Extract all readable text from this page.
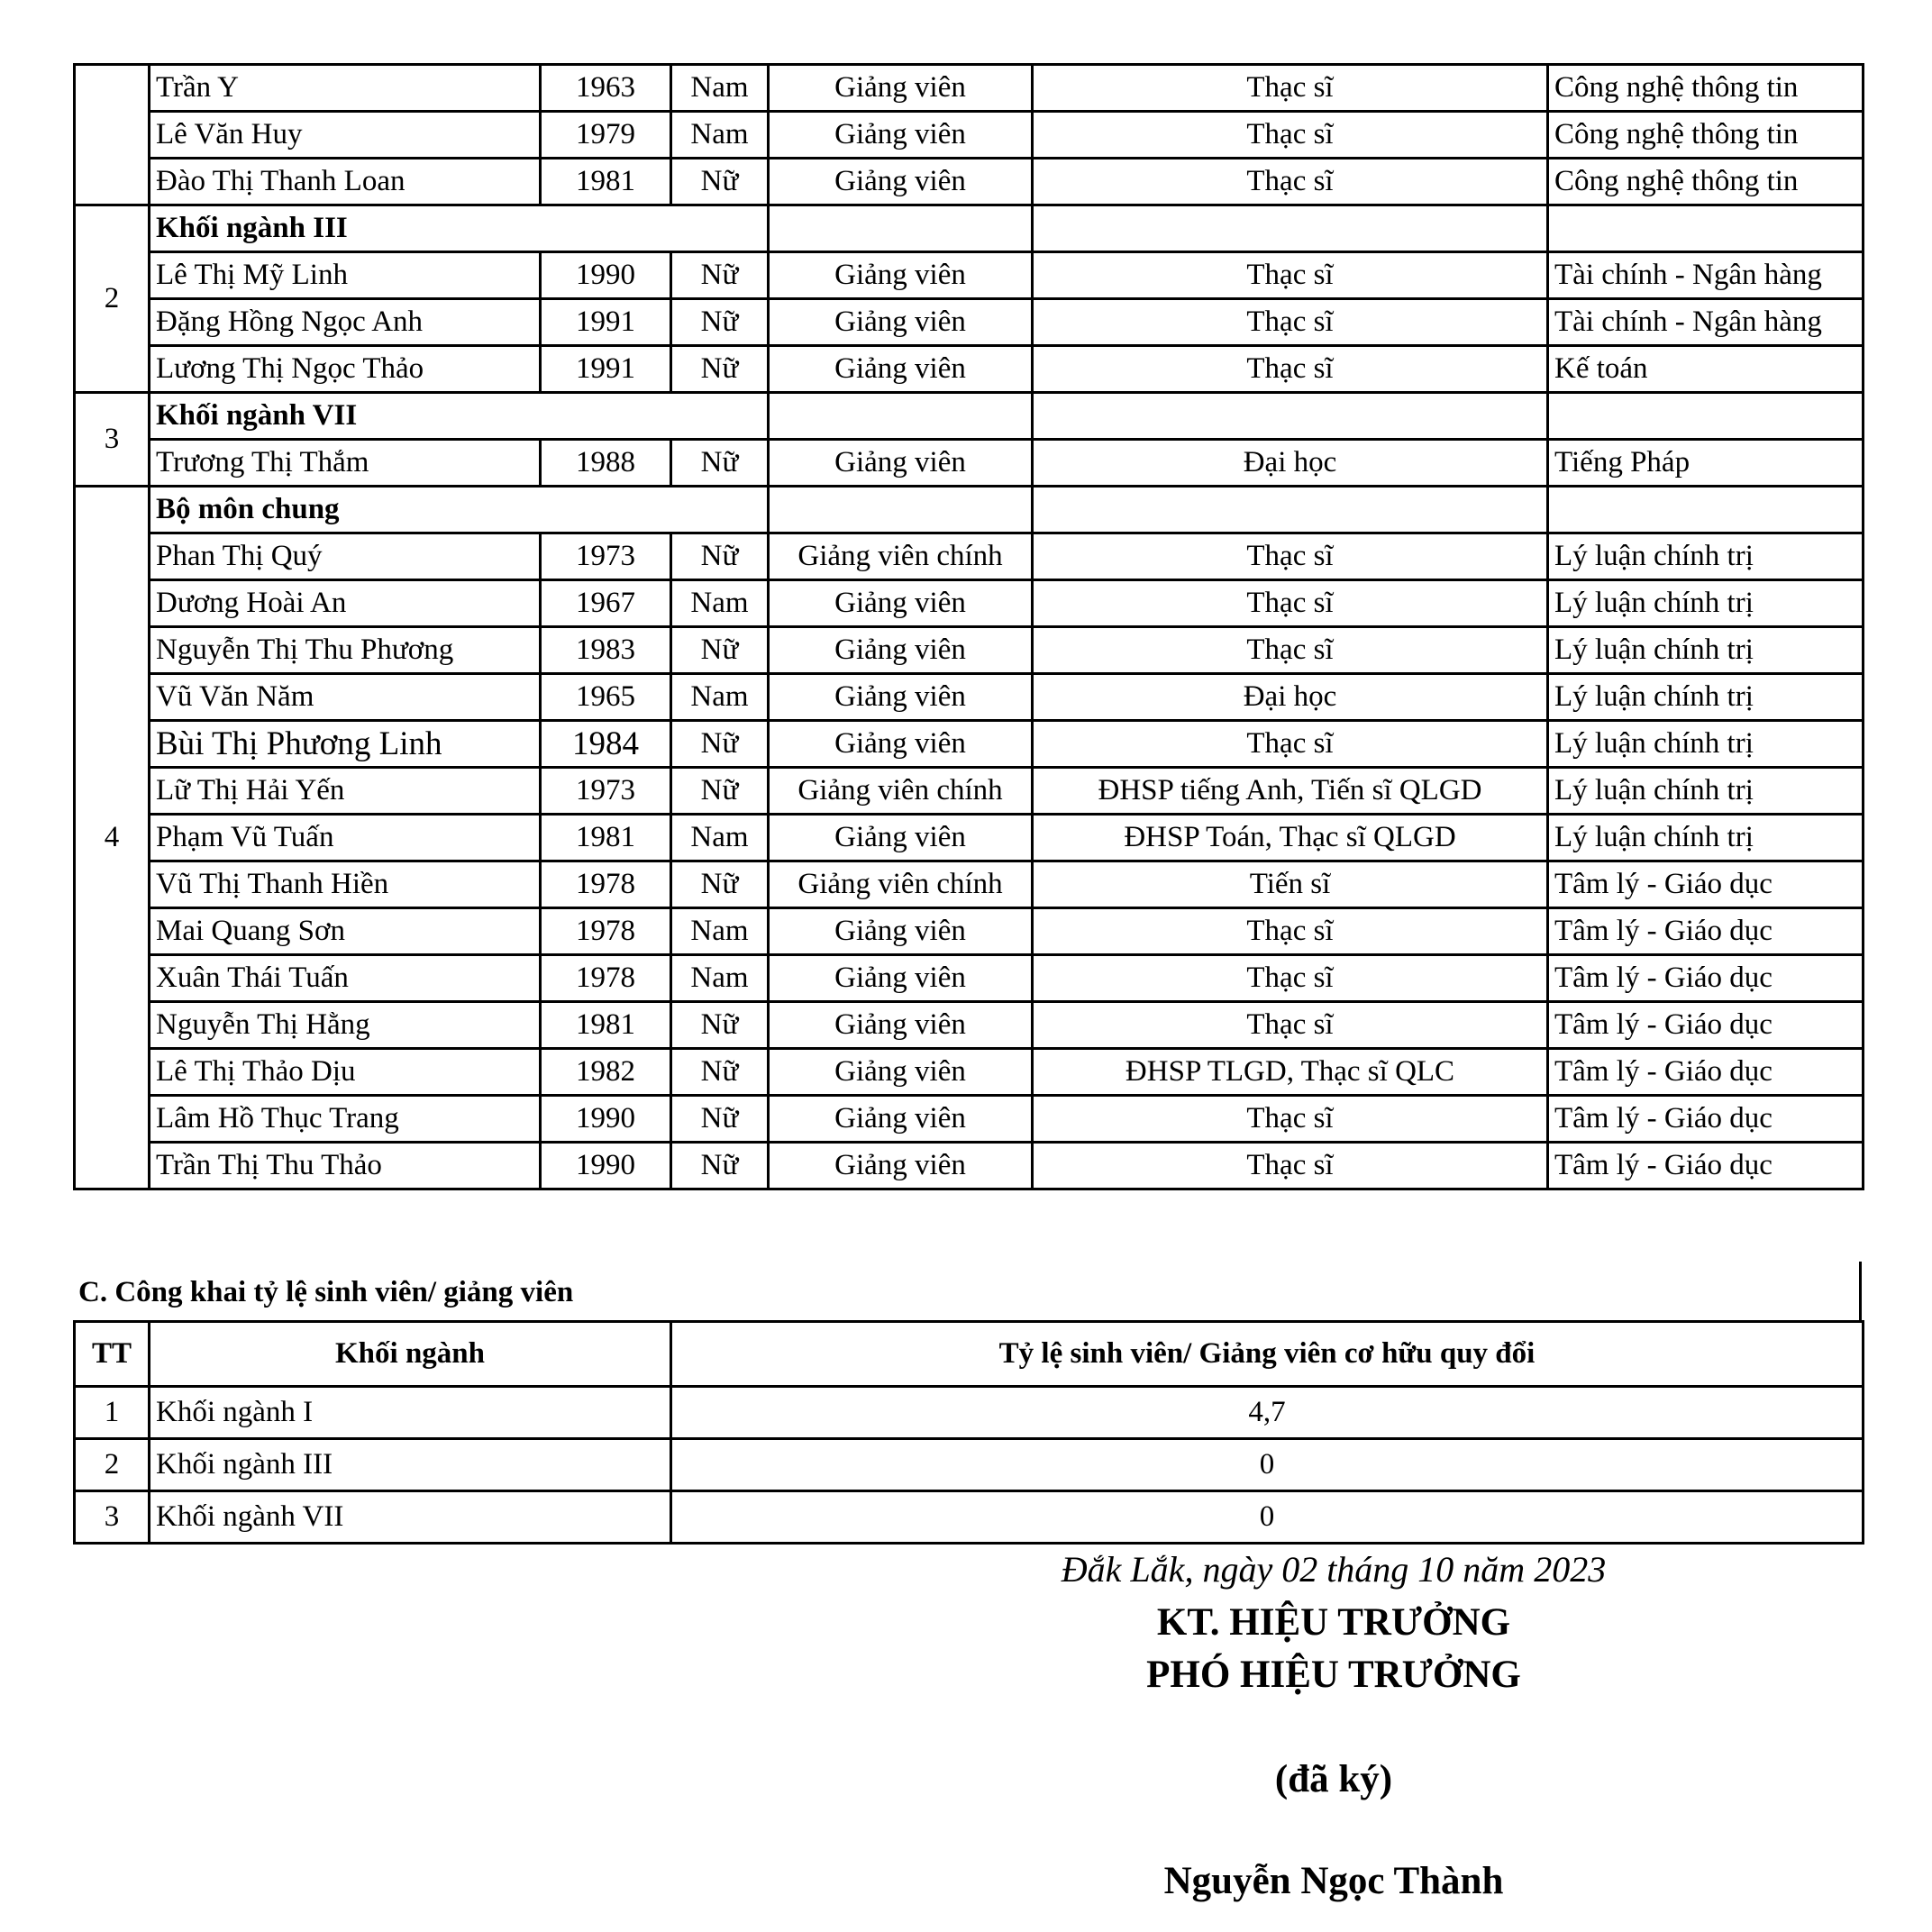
	Trần Y	1963	Nam	Giảng viên	Thạc sĩ	Công nghệ thông tin
	Lê Văn Huy	1979	Nam	Giảng viên	Thạc sĩ	Công nghệ thông tin
	Đào Thị Thanh Loan	1981	Nữ	Giảng viên	Thạc sĩ	Công nghệ thông tin
2	Khối ngành III					
	Lê Thị Mỹ Linh	1990	Nữ	Giảng viên	Thạc sĩ	Tài chính - Ngân hàng
	Đặng Hồng Ngọc Anh	1991	Nữ	Giảng viên	Thạc sĩ	Tài chính - Ngân hàng
	Lương Thị Ngọc Thảo	1991	Nữ	Giảng viên	Thạc sĩ	Kế toán
3	Khối ngành VII					
	Trương Thị Thắm	1988	Nữ	Giảng viên	Đại học	Tiếng Pháp
4	Bộ môn chung					
	Phan Thị Quý	1973	Nữ	Giảng viên chính	Thạc sĩ	Lý luận chính trị
	Dương Hoài An	1967	Nam	Giảng viên	Thạc sĩ	Lý luận chính trị
	Nguyễn Thị Thu Phương	1983	Nữ	Giảng viên	Thạc sĩ	Lý luận chính trị
	Vũ Văn Năm	1965	Nam	Giảng viên	Đại học	Lý luận chính trị
	Bùi Thị Phương Linh	1984	Nữ	Giảng viên	Thạc sĩ	Lý luận chính trị
	Lữ Thị Hải Yến	1973	Nữ	Giảng viên chính	ĐHSP tiếng Anh, Tiến sĩ QLGD	Lý luận chính trị
	Phạm Vũ Tuấn	1981	Nam	Giảng viên	ĐHSP Toán, Thạc sĩ QLGD	Lý luận chính trị
	Vũ Thị Thanh Hiền	1978	Nữ	Giảng viên chính	Tiến sĩ	Tâm lý - Giáo dục
	Mai Quang Sơn	1978	Nam	Giảng viên	Thạc sĩ	Tâm lý - Giáo dục
	Xuân Thái Tuấn	1978	Nam	Giảng viên	Thạc sĩ	Tâm lý - Giáo dục
	Nguyễn Thị Hằng	1981	Nữ	Giảng viên	Thạc sĩ	Tâm lý - Giáo dục
	Lê Thị Thảo Dịu	1982	Nữ	Giảng viên	ĐHSP TLGD, Thạc sĩ QLC	Tâm lý - Giáo dục
	Lâm Hồ Thục Trang	1990	Nữ	Giảng viên	Thạc sĩ	Tâm lý - Giáo dục
	Trần Thị Thu Thảo	1990	Nữ	Giảng viên	Thạc sĩ	Tâm lý - Giáo dục
C. Công khai tỷ lệ sinh viên/ giảng viên
TT	Khối ngành	Tỷ lệ sinh viên/ Giảng viên cơ hữu quy đổi
1	Khối ngành I	4,7
2	Khối ngành III	0
3	Khối ngành VII	0
Đắk Lắk, ngày 02 tháng 10 năm 2023
KT. HIỆU TRƯỞNG
PHÓ HIỆU TRƯỞNG
(đã ký)
Nguyễn Ngọc Thành
